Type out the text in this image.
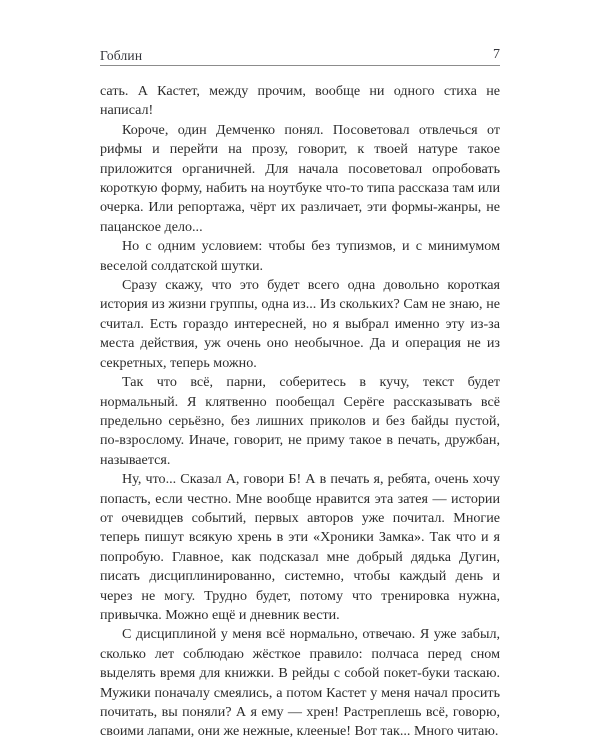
Гоблин	7

сать. А Кастет, между прочим, вообще ни одного стиха не написал!

Короче, один Демченко понял. Посоветовал отвлечься от рифмы и перейти на прозу, говорит, к твоей натуре такое приложится органичней. Для начала посоветовал опробовать короткую форму, набить на ноутбуке что-то типа рассказа там или очерка. Или репортажа, чёрт их различает, эти формы-жанры, не пацанское дело...

Но с одним условием: чтобы без тупизмов, и с минимумом веселой солдатской шутки.

Сразу скажу, что это будет всего одна довольно короткая история из жизни группы, одна из... Из скольких? Сам не знаю, не считал. Есть гораздо интересней, но я выбрал именно эту из-за места действия, уж очень оно необычное. Да и операция не из секретных, теперь можно.

Так что всё, парни, соберитесь в кучу, текст будет нормальный. Я клятвенно пообещал Серёге рассказывать всё предельно серьёзно, без лишних приколов и без байды пустой, по-взрослому. Иначе, говорит, не приму такое в печать, дружбан, называется.

Ну, что... Сказал А, говори Б! А в печать я, ребята, очень хочу попасть, если честно. Мне вообще нравится эта затея — истории от очевидцев событий, первых авторов уже почитал. Многие теперь пишут всякую хрень в эти «Хроники Замка». Так что и я попробую. Главное, как подсказал мне добрый дядька Дугин, писать дисциплинированно, системно, чтобы каждый день и через не могу. Трудно будет, потому что тренировка нужна, привычка. Можно ещё и дневник вести.

С дисциплиной у меня всё нормально, отвечаю. Я уже забыл, сколько лет соблюдаю жёсткое правило: полчаса перед сном выделять время для книжки. В рейды с собой покет-буки таскаю. Мужики поначалу смеялись, а потом Кастет у меня начал просить почитать, вы поняли? А я ему — хрен! Растреплешь всё, говорю, своими лапами, они же нежные, клееные! Вот так... Много читаю.
